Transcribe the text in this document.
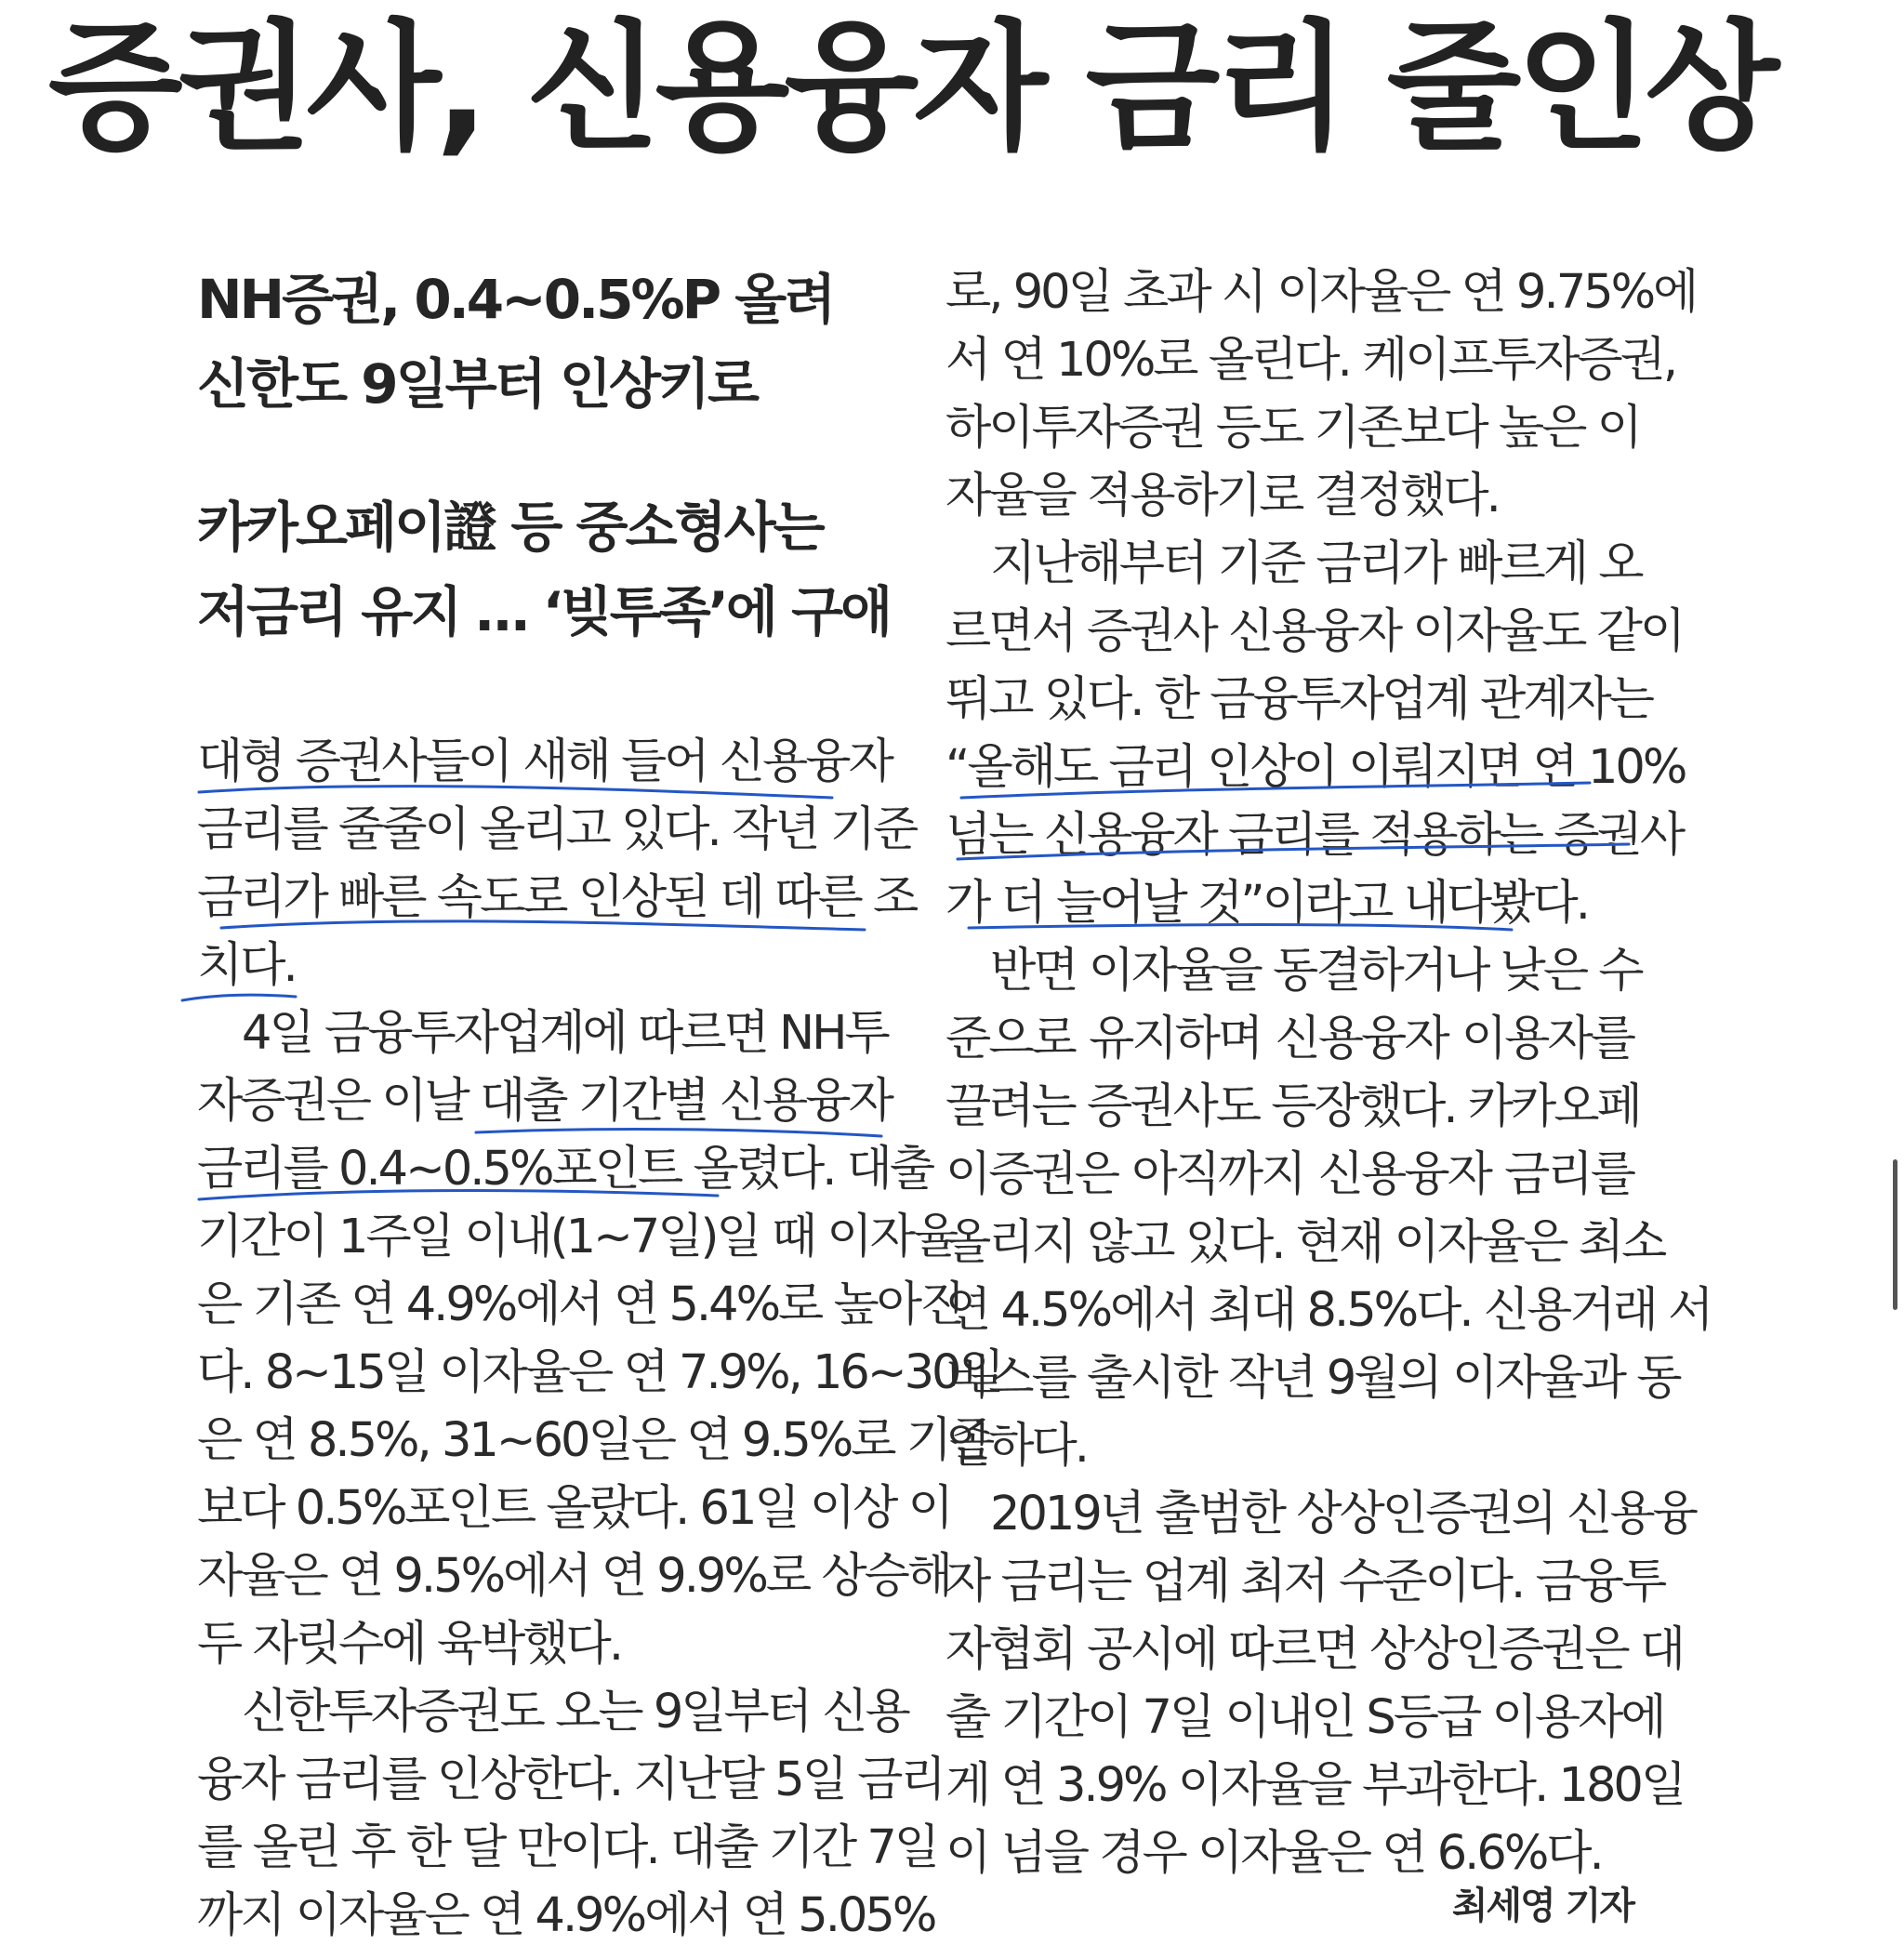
증권사, 신용융자 금리 줄인상
NH증권, 0.4~0.5%P 올려
신한도 9일부터 인상키로
카카오페이證 등 중소형사는
저금리 유지 … ‘빚투족’에 구애
대형 증권사들이 새해 들어 신용융자
금리를 줄줄이 올리고 있다. 작년 기준
금리가 빠른 속도로 인상된 데 따른 조
치다.
4일 금융투자업계에 따르면 NH투
자증권은 이날 대출 기간별 신용융자
금리를 0.4~0.5%포인트 올렸다. 대출
기간이 1주일 이내(1~7일)일 때 이자율
은 기존 연 4.9%에서 연 5.4%로 높아진
다. 8~15일 이자율은 연 7.9%, 16~30일
은 연 8.5%, 31~60일은 연 9.5%로 기존
보다 0.5%포인트 올랐다. 61일 이상 이
자율은 연 9.5%에서 연 9.9%로 상승해
두 자릿수에 육박했다.
신한투자증권도 오는 9일부터 신용
융자 금리를 인상한다. 지난달 5일 금리
를 올린 후 한 달 만이다. 대출 기간 7일
까지 이자율은 연 4.9%에서 연 5.05%
로, 90일 초과 시 이자율은 연 9.75%에
서 연 10%로 올린다. 케이프투자증권,
하이투자증권 등도 기존보다 높은 이
자율을 적용하기로 결정했다.
지난해부터 기준 금리가 빠르게 오
르면서 증권사 신용융자 이자율도 같이
뛰고 있다. 한 금융투자업계 관계자는
“올해도 금리 인상이 이뤄지면 연 10%
넘는 신용융자 금리를 적용하는 증권사
가 더 늘어날 것”이라고 내다봤다.
반면 이자율을 동결하거나 낮은 수
준으로 유지하며 신용융자 이용자를
끌려는 증권사도 등장했다. 카카오페
이증권은 아직까지 신용융자 금리를
올리지 않고 있다. 현재 이자율은 최소
연 4.5%에서 최대 8.5%다. 신용거래 서
비스를 출시한 작년 9월의 이자율과 동
일하다.
2019년 출범한 상상인증권의 신용융
자 금리는 업계 최저 수준이다. 금융투
자협회 공시에 따르면 상상인증권은 대
출 기간이 7일 이내인 S등급 이용자에
게 연 3.9% 이자율을 부과한다. 180일
이 넘을 경우 이자율은 연 6.6%다.
최세영 기자
